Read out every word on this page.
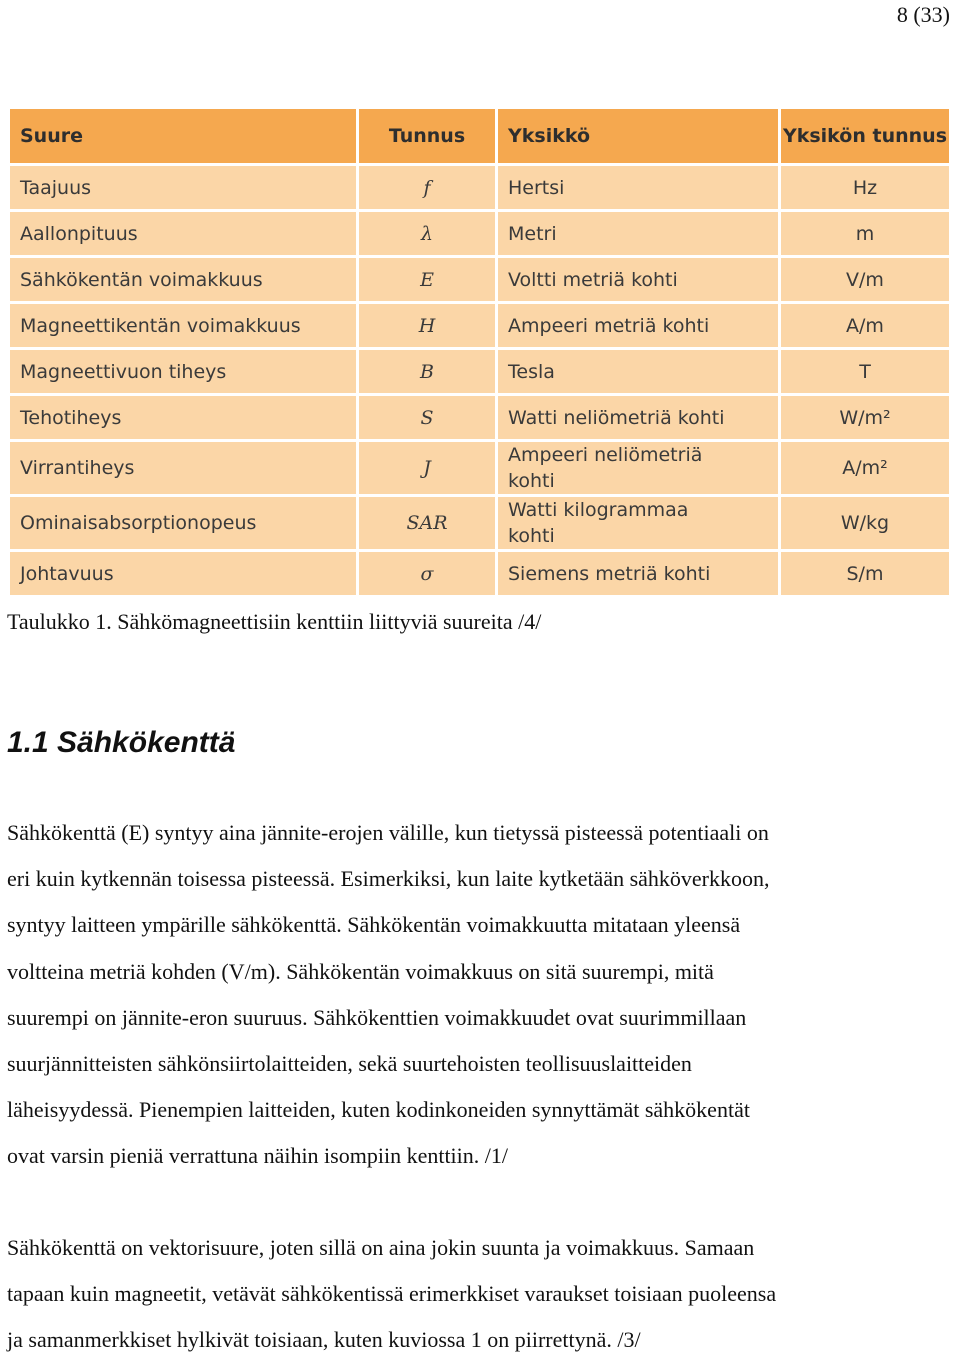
8 (33)
Suure	Tunnus	Yksikkö	Yksikön tunnus
Taajuus	f	Hertsi	Hz
Aallonpituus	λ	Metri	m
Sähkökentän voimakkuus	E	Voltti metriä kohti	V/m
Magneettikentän voimakkuus	H	Ampeeri metriä kohti	A/m
Magneettivuon tiheys	B	Tesla	T
Tehotiheys	S	Watti neliömetriä kohti	W/m²
Virrantiheys	J	Ampeeri neliömetriä kohti	A/m²
Ominaisabsorptionopeus	SAR	Watti kilogrammaa kohti	W/kg
Johtavuus	σ	Siemens metriä kohti	S/m
Taulukko 1. Sähkömagneettisiin kenttiin liittyviä suureita /4/
1.1 Sähkökenttä
Sähkökenttä (E) syntyy aina jännite-erojen välille, kun tietyssä pisteessä potentiaali on
eri kuin kytkennän toisessa pisteessä. Esimerkiksi, kun laite kytketään sähköverkkoon,
syntyy laitteen ympärille sähkökenttä. Sähkökentän voimakkuutta mitataan yleensä
voltteina metriä kohden (V/m). Sähkökentän voimakkuus on sitä suurempi, mitä
suurempi on jännite-eron suuruus. Sähkökenttien voimakkuudet ovat suurimmillaan
suurjännitteisten sähkönsiirtolaitteiden, sekä suurtehoisten teollisuuslaitteiden
läheisyydessä. Pienempien laitteiden, kuten kodinkoneiden synnyttämät sähkökentät
ovat varsin pieniä verrattuna näihin isompiin kenttiin. /1/
Sähkökenttä on vektorisuure, joten sillä on aina jokin suunta ja voimakkuus. Samaan
tapaan kuin magneetit, vetävät sähkökentissä erimerkkiset varaukset toisiaan puoleensa
ja samanmerkkiset hylkivät toisiaan, kuten kuviossa 1 on piirrettynä. /3/
